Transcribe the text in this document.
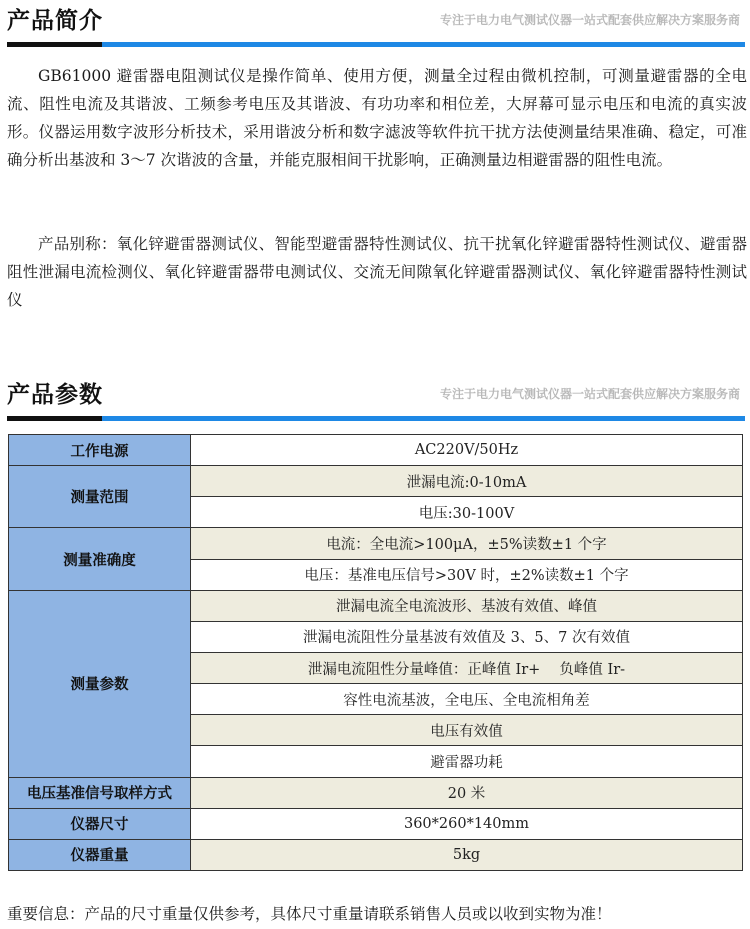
产品简介	专注于电力电气测试仪器一站式配套供应解决方案服务商

GB61000 避雷器电阻测试仪是操作简单、使用方便，测量全过程由微机控制，可测量避雷器的全电流、阻性电流及其谐波、工频参考电压及其谐波、有功功率和相位差，大屏幕可显示电压和电流的真实波形。仪器运用数字波形分析技术，采用谐波分析和数字滤波等软件抗干扰方法使测量结果准确、稳定，可准确分析出基波和 3～7 次谐波的含量，并能克服相间干扰影响，正确测量边相避雷器的阻性电流。

产品别称：氧化锌避雷器测试仪、智能型避雷器特性测试仪、抗干扰氧化锌避雷器特性测试仪、避雷器阻性泄漏电流检测仪、氧化锌避雷器带电测试仪、交流无间隙氧化锌避雷器测试仪、氧化锌避雷器特性测试仪

产品参数	专注于电力电气测试仪器一站式配套供应解决方案服务商
工作电源	AC220V/50Hz
测量范围	泄漏电流:0-10mA
	电压:30-100V
测量准确度	电流：全电流>100μA，±5%读数±1 个字
	电压：基准电压信号>30V 时，±2%读数±1 个字
测量参数	泄漏电流全电流波形、基波有效值、峰值
	泄漏电流阻性分量基波有效值及 3、5、7 次有效值
	泄漏电流阻性分量峰值：正峰值 Ir+　 负峰值 Ir-
	容性电流基波，全电压、全电流相角差
	电压有效值
	避雷器功耗
电压基准信号取样方式	20 米
仪器尺寸	360*260*140mm
仪器重量	5kg
重要信息：产品的尺寸重量仅供参考，具体尺寸重量请联系销售人员或以收到实物为准！
